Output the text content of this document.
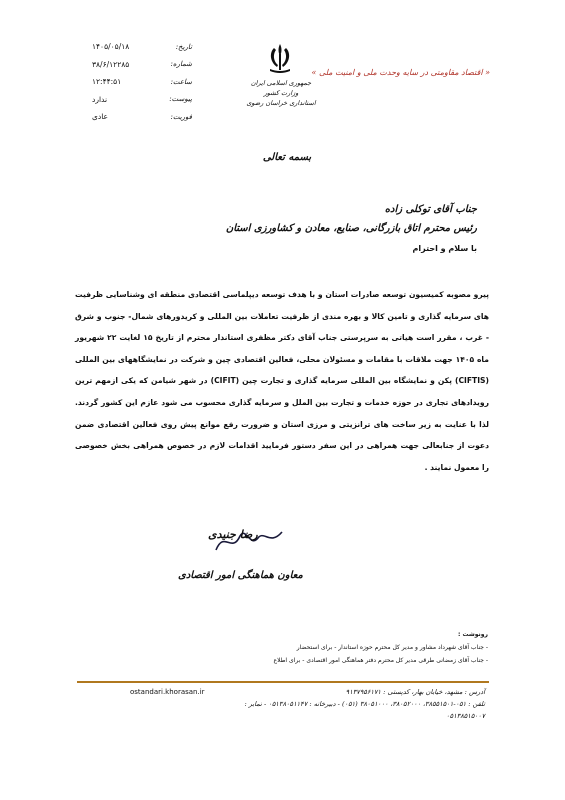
تاریخ:
۱۴۰۵/۰۵/۱۸
شماره:
۳۸/۶/۱۲۲۸۵
ساعت:
۱۲:۴۴:۵۱
پیوست:
ندارد
فوریت:
عادی
جمهوری اسلامی ایران
وزارت کشور
استانداری خراسان رضوی
« اقتصاد مقاومتی در سایه وحدت ملی و امنیت ملی »
بسمه تعالی
جناب آقای توکلی زاده
رئیس محترم اتاق بازرگانی، صنایع، معادن و کشاورزی استان
با سلام و احترام
پیرو مصوبه کمیسیون توسعه صادرات استان و با هدف توسعه دیپلماسی اقتصادی منطقه ای وشناسایی ظرفیت های سرمایه گذاری و تامین کالا و بهره مندی از ظرفیت تعاملات بین المللی و کریدورهای شمال- جنوب و شرق - غرب ، مقرر است هیاتی به سرپرستی جناب آقای دکتر مظفری استاندار محترم از تاریخ ۱۵ لغایت ۲۲ شهریور ماه ۱۴۰۵ جهت ملاقات با مقامات و مسئولان محلی، فعالین اقتصادی چین و شرکت در نمایشگاههای بین المللی (CIFTIS) پکن و نمایشگاه بین المللی سرمایه گذاری و تجارت چین (CIFIT) در شهر شیامن که یکی ازمهم ترین رویدادهای تجاری در حوزه خدمات و تجارت بین الملل و سرمایه گذاری محسوب می شود عازم این کشور گردند. لذا با عنایت به زیر ساخت های ترانزیتی و مرزی استان و ضرورت رفع موانع پیش روی فعالین اقتصادی ضمن دعوت از جنابعالی جهت همراهی در این سفر دستور فرمایید اقدامات لازم در خصوص همراهی بخش خصوصی را معمول نمایند .
رضا جنیدی
معاون هماهنگی امور اقتصادی
رونوشت :
- جناب آقای شهرداد مشاور و مدیر کل محترم حوزه استاندار - برای استحضار
- جناب آقای زمضانی طرقی مدیر کل محترم دفتر هماهنگی امور اقتصادی - برای اطلاع
ostandari.khorasan.ir	آدرس : مشهد، خیابان بهار، کدپستی : ۹۱۳۷۹۵۶۱۷۱
تلفن : ۰۵۱-۳۸۵۵۱۵۰۱، ۳۸۰۵۲۰۰۰، ۳۸۰۵۱۰۰۰ (۰۵۱) - دبیرخانه : ۰۵۱۳۸۰۵۱۱۴۷ - نمابر : ۰۵۱۳۸۵۱۵۰۰۷
